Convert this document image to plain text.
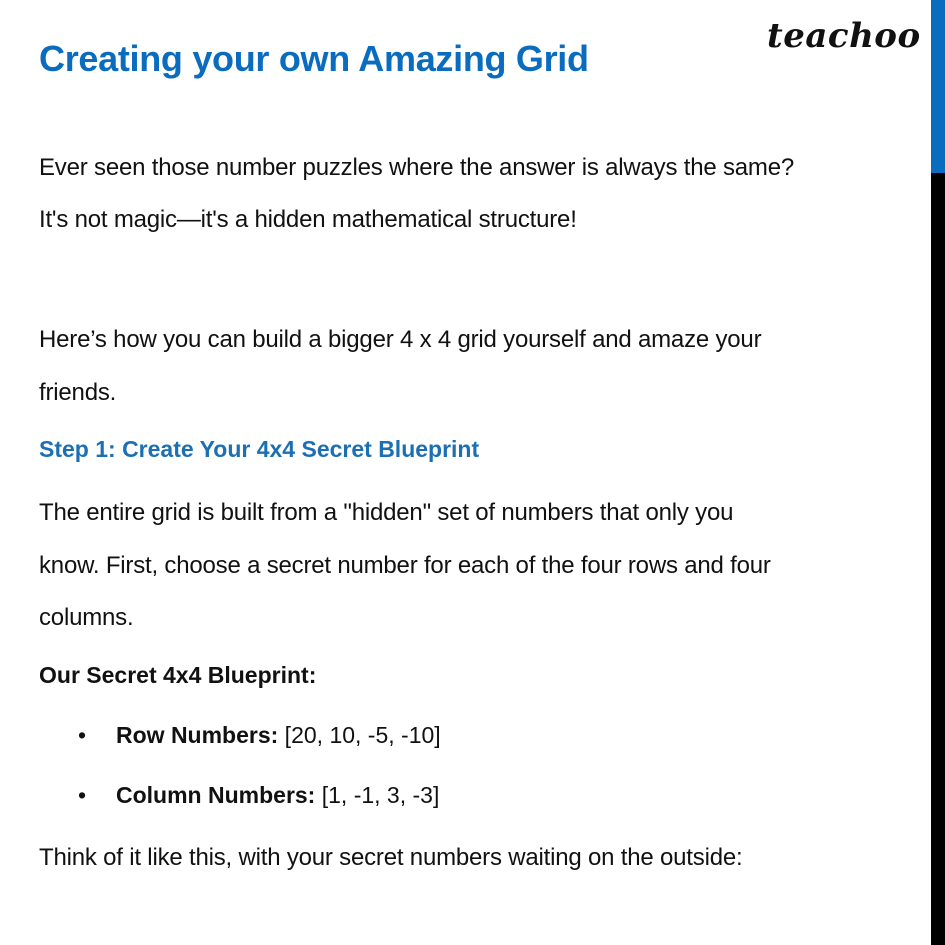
teachoo
Creating your own Amazing Grid
Ever seen those number puzzles where the answer is always the same?
It's not magic—it's a hidden mathematical structure!
Here’s how you can build a bigger 4 x 4 grid yourself and amaze your
friends.
Step 1: Create Your 4x4 Secret Blueprint
The entire grid is built from a "hidden" set of numbers that only you
know. First, choose a secret number for each of the four rows and four
columns.
Our Secret 4x4 Blueprint:
• Row Numbers: [20, 10, -5, -10]
• Column Numbers: [1, -1, 3, -3]
Think of it like this, with your secret numbers waiting on the outside:
